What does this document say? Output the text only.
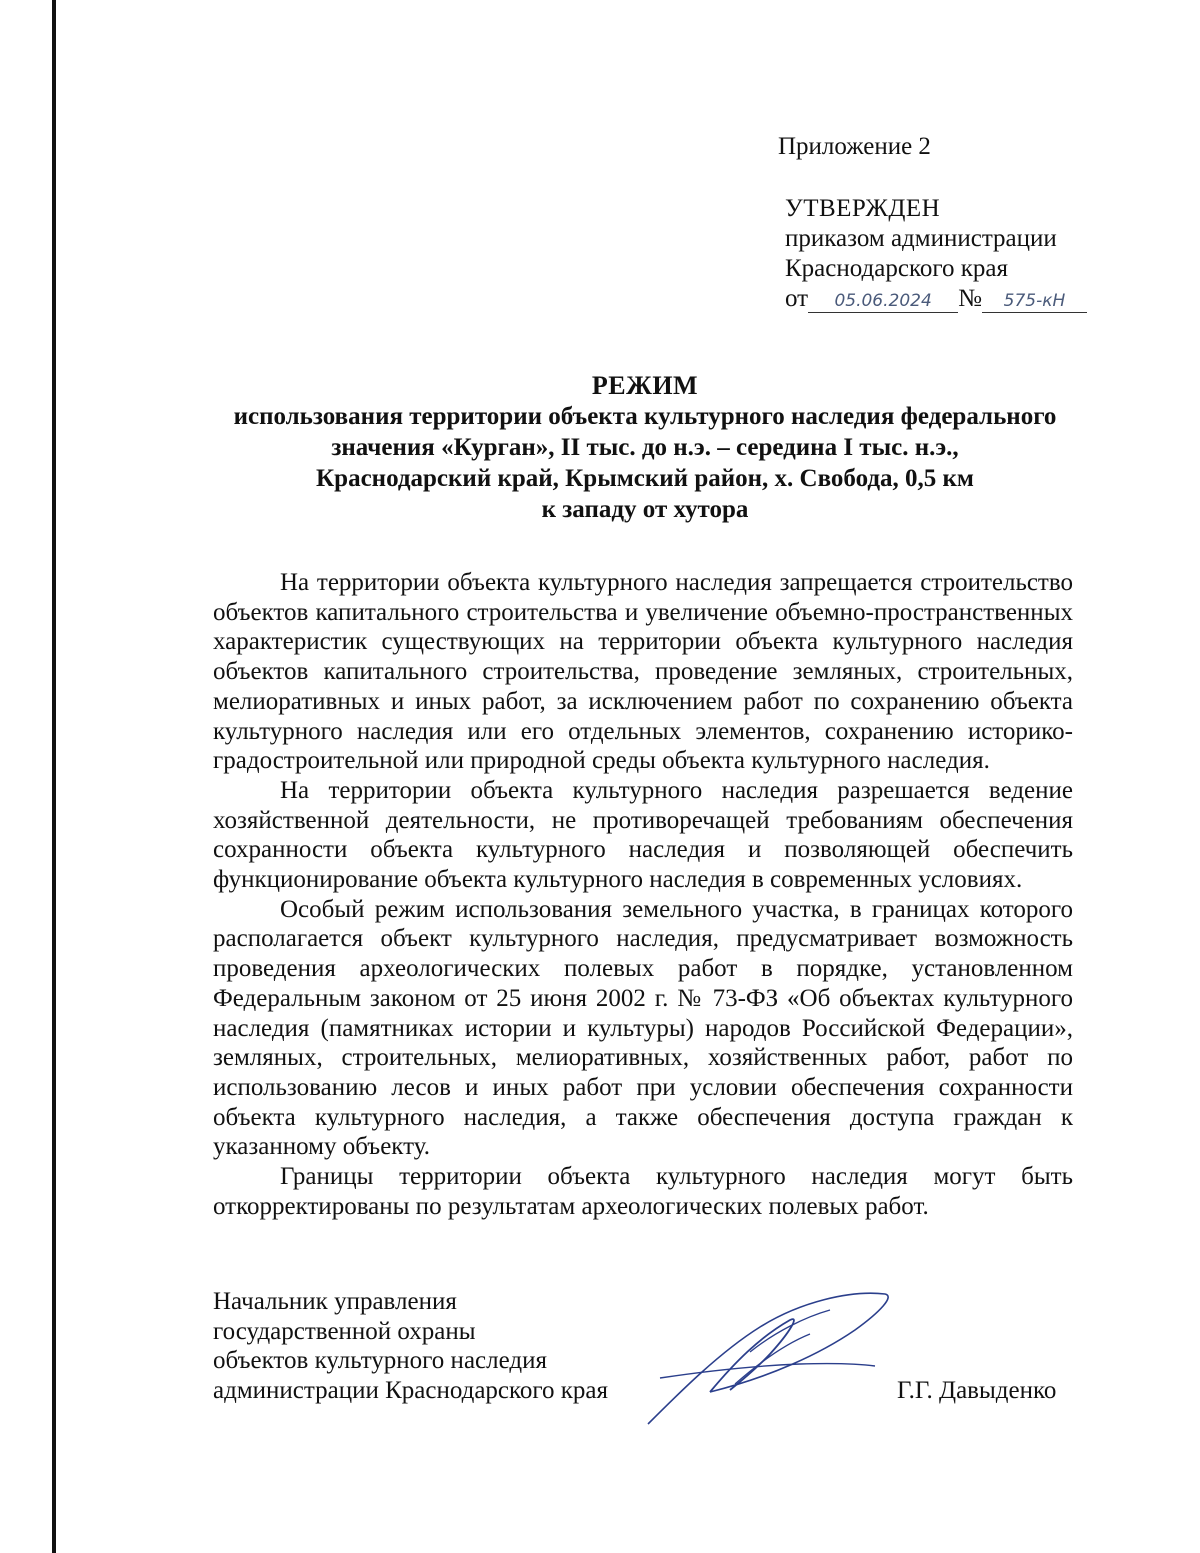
Приложение 2
УТВЕРЖДЕН
приказом администрации
Краснодарского края
от 05.06.2024 № 575-кН
РЕЖИМ
использования территории объекта культурного наследия федерального
значения «Курган», II тыс. до н.э. – середина I тыс. н.э.,
Краснодарский край, Крымский район, х. Свобода, 0,5 км
к западу от хутора

На территории объекта культурного наследия запрещается строительство объектов капитального строительства и увеличение объемно-пространственных характеристик существующих на территории объекта культурного наследия объектов капитального строительства, проведение земляных, строительных, мелиоративных и иных работ, за исключением работ по сохранению объекта культурного наследия или его отдельных элементов, сохранению историко-градостроительной или природной среды объекта культурного наследия.

На территории объекта культурного наследия разрешается ведение хозяйственной деятельности, не противоречащей требованиям обеспечения сохранности объекта культурного наследия и позволяющей обеспечить функционирование объекта культурного наследия в современных условиях.

Особый режим использования земельного участка, в границах которого располагается объект культурного наследия, предусматривает возможность проведения археологических полевых работ в порядке, установленном Федеральным законом от 25 июня 2002 г. № 73-ФЗ «Об объектах культурного наследия (памятниках истории и культуры) народов Российской Федерации», земляных, строительных, мелиоративных, хозяйственных работ, работ по использованию лесов и иных работ при условии обеспечения сохранности объекта культурного наследия, а также обеспечения доступа граждан к указанному объекту.

Границы территории объекта культурного наследия могут быть откорректированы по результатам археологических полевых работ.

Начальник управления
государственной охраны
объектов культурного наследия
администрации Краснодарского края	Г.Г. Давыденко
